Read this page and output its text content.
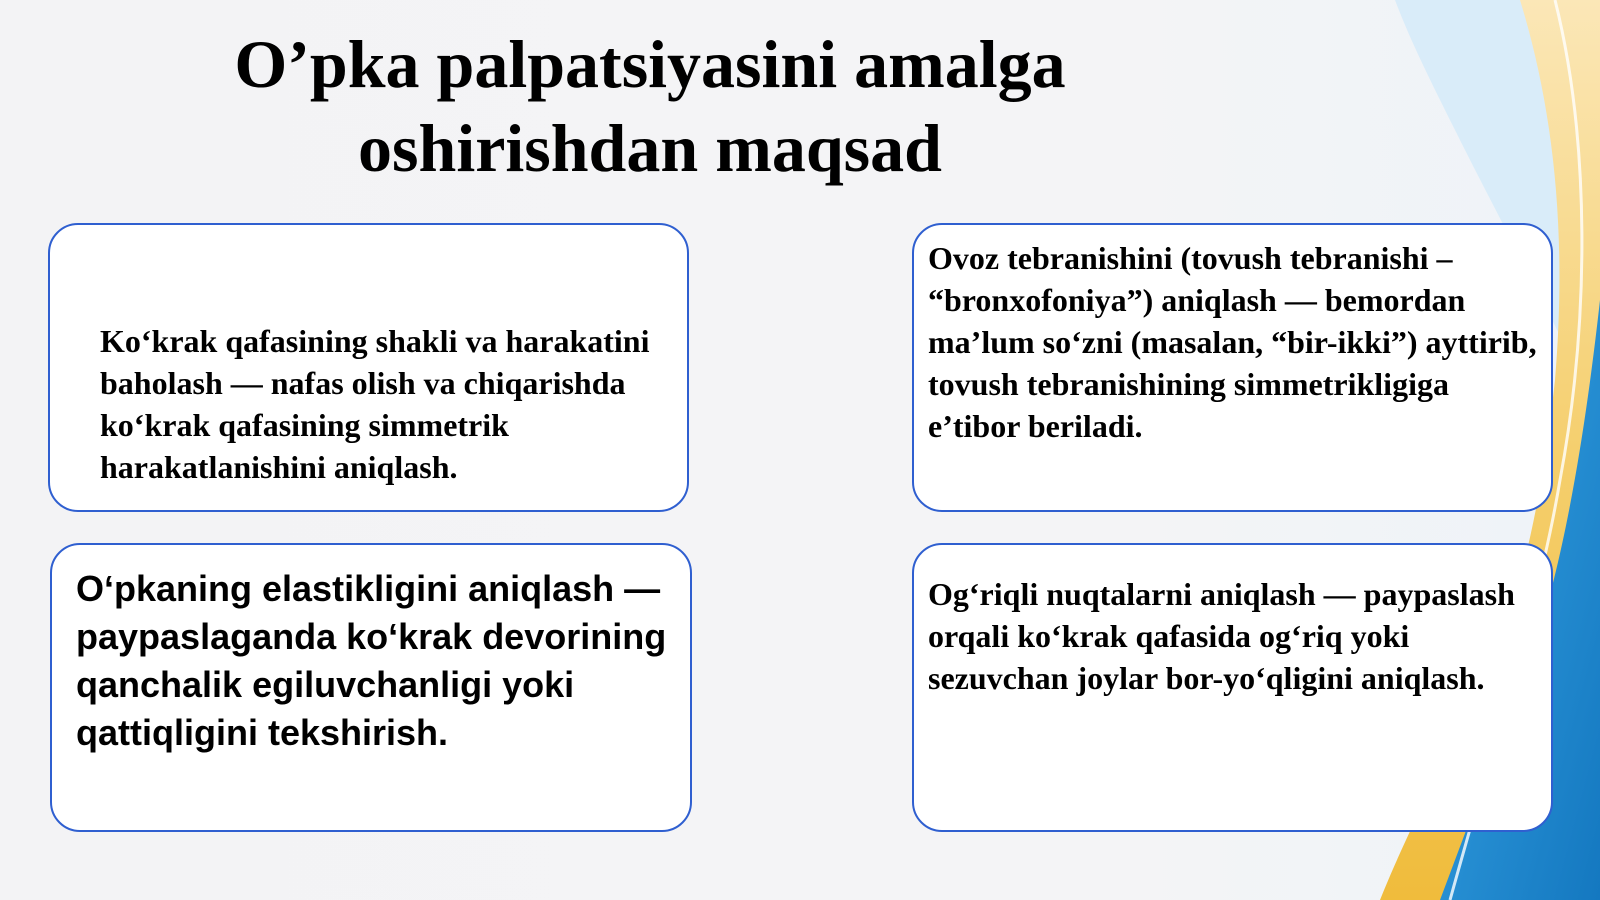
O’pka palpatsiyasini amalga oshirishdan maqsad

Ko‘krak qafasining shakli va harakatini baholash — nafas olish va chiqarishda ko‘krak qafasining simmetrik harakatlanishini aniqlash.

Ovoz tebranishini (tovush tebranishi – “bronxofoniya”) aniqlash — bemordan ma’lum so‘zni (masalan, “bir-ikki”) ayttirib, tovush tebranishining simmetrikligiga e’tibor beriladi.

O‘pkaning elastikligini aniqlash — paypaslaganda ko‘krak devorining qanchalik egiluvchanligi yoki qattiqligini tekshirish.

Og‘riqli nuqtalarni aniqlash — paypaslash orqali ko‘krak qafasida og‘riq yoki sezuvchan joylar bor-yo‘qligini aniqlash.
